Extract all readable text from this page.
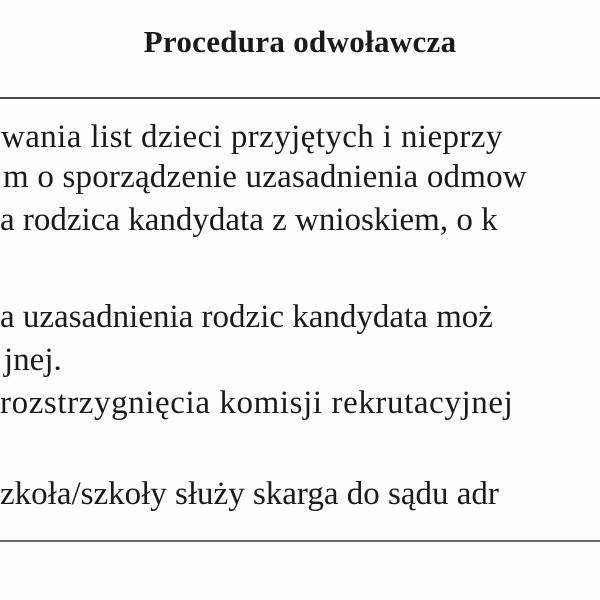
Procedura odwoławcza
wania list dzieci przyjętych i nieprzy
m o sporządzenie uzasadnienia odmow
a rodzica kandydata z wnioskiem, o k
a uzasadnienia rodzic kandydata moż
jnej.
rozstrzygnięcia komisji rekrutacyjnej
zkoła/szkoły służy skarga do sądu adr
